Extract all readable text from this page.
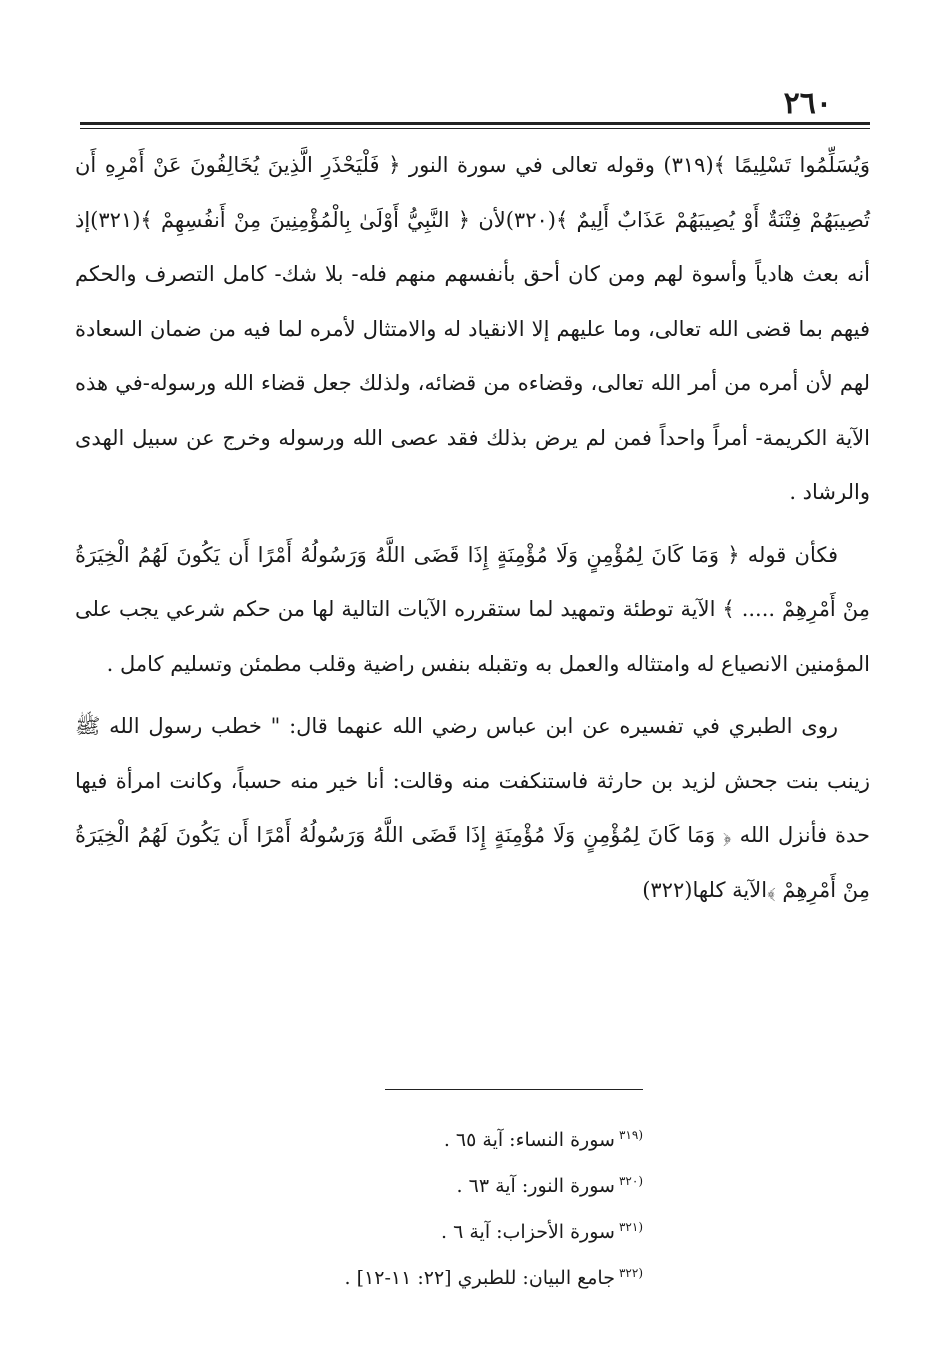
٢٦٠

وَيُسَلِّمُوا تَسْلِيمًا ﴾(٣١٩) وقوله تعالى في سورة النور ﴿ فَلْيَحْذَرِ الَّذِينَ يُخَالِفُونَ عَنْ أَمْرِهِ أَن تُصِيبَهُمْ فِتْنَةٌ أَوْ يُصِيبَهُمْ عَذَابٌ أَلِيمٌ ﴾(٣٢٠)لأن ﴿ النَّبِيُّ أَوْلَىٰ بِالْمُؤْمِنِينَ مِنْ أَنفُسِهِمْ ﴾(٣٢١)إذ أنه بعث هادياً وأسوة لهم ومن كان أحق بأنفسهم منهم فله- بلا شك- كامل التصرف والحكم فيهم بما قضى الله تعالى، وما عليهم إلا الانقياد له والامتثال لأمره لما فيه من ضمان السعادة لهم لأن أمره من أمر الله تعالى، وقضاءه من قضائه، ولذلك جعل قضاء الله ورسوله-في هذه الآية الكريمة- أمراً واحداً فمن لم يرض بذلك فقد عصى الله ورسوله وخرج عن سبيل الهدى والرشاد .

فكأن قوله ﴿ وَمَا كَانَ لِمُؤْمِنٍ وَلَا مُؤْمِنَةٍ إِذَا قَضَى اللَّهُ وَرَسُولُهُ أَمْرًا أَن يَكُونَ لَهُمُ الْخِيَرَةُ مِنْ أَمْرِهِمْ ..... ﴾ الآية توطئة وتمهيد لما ستقرره الآيات التالية لها من حكم شرعي يجب على المؤمنين الانصياع له وامتثاله والعمل به وتقبله بنفس راضية وقلب مطمئن وتسليم كامل .

روى الطبري في تفسيره عن ابن عباس رضي الله عنهما قال: " خطب رسول الله ﷺ زينب بنت جحش لزيد بن حارثة فاستنكفت منه وقالت: أنا خير منه حسباً، وكانت امرأة فيها حدة فأنزل الله ﴿ وَمَا كَانَ لِمُؤْمِنٍ وَلَا مُؤْمِنَةٍ إِذَا قَضَى اللَّهُ وَرَسُولُهُ أَمْرًا أَن يَكُونَ لَهُمُ الْخِيَرَةُ مِنْ أَمْرِهِمْ ﴾الآية كلها(٣٢٢)

$^{(٣١٩}$سورة النساء: آية ٦٥ .
$^{(٣٢٠}$سورة النور: آية ٦٣ .
$^{(٣٢١}$سورة الأحزاب: آية ٦ .
$^{(٣٢٢}$جامع البيان: للطبري [٢٢: ١١-١٢] .
